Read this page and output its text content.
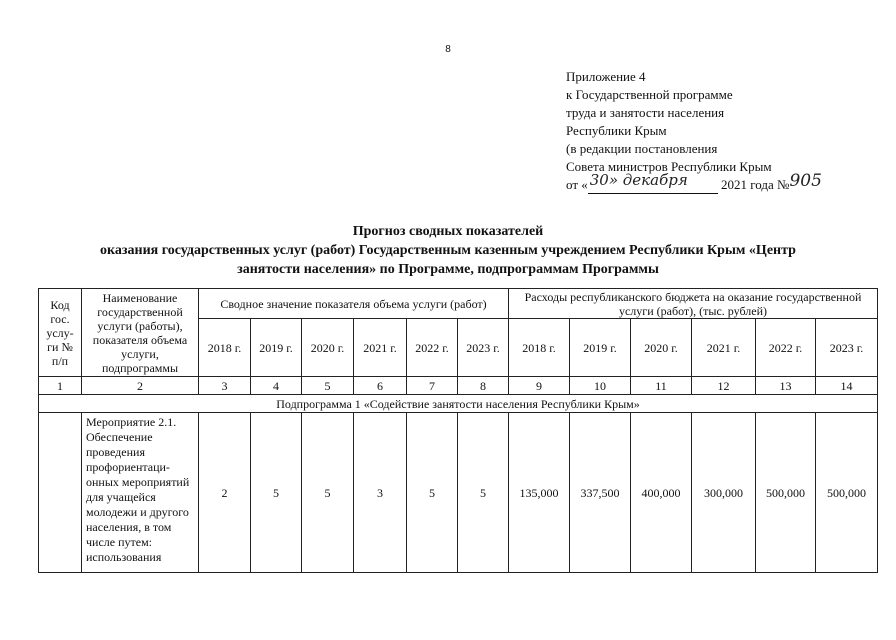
8
Приложение 4
к Государственной программе
труда и занятости населения
Республики Крым
(в редакции постановления
Совета министров Республики Крым
от « 30» декабря	2021 года № 905
Прогноз сводных показателей
оказания государственных услуг (работ) Государственным казенным учреждением Республики Крым «Центр
занятости населения» по Программе, подпрограммам Программы
Код гос. услу-ги № п/п	Наименование государственной услуги (работы), показателя объема услуги, подпрограммы	Сводное значение показателя объема услуги (работ)						Расходы республиканского бюджета на оказание государственной услуги (работ), (тыс. рублей)					
		2018 г.	2019 г.	2020 г.	2021 г.	2022 г.	2023 г.	2018 г.	2019 г.	2020 г.	2021 г.	2022 г.	2023 г.
1	2	3	4	5	6	7	8	9	10	11	12	13	14
Подпрограмма 1 «Содействие занятости населения Республики Крым»													
	Мероприятие 2.1. Обеспечение проведения профориентаци-онных мероприятий для учащейся молодежи и другого населения, в том числе путем: использования	2	5	5	3	5	5	135,000	337,500	400,000	300,000	500,000	500,000
